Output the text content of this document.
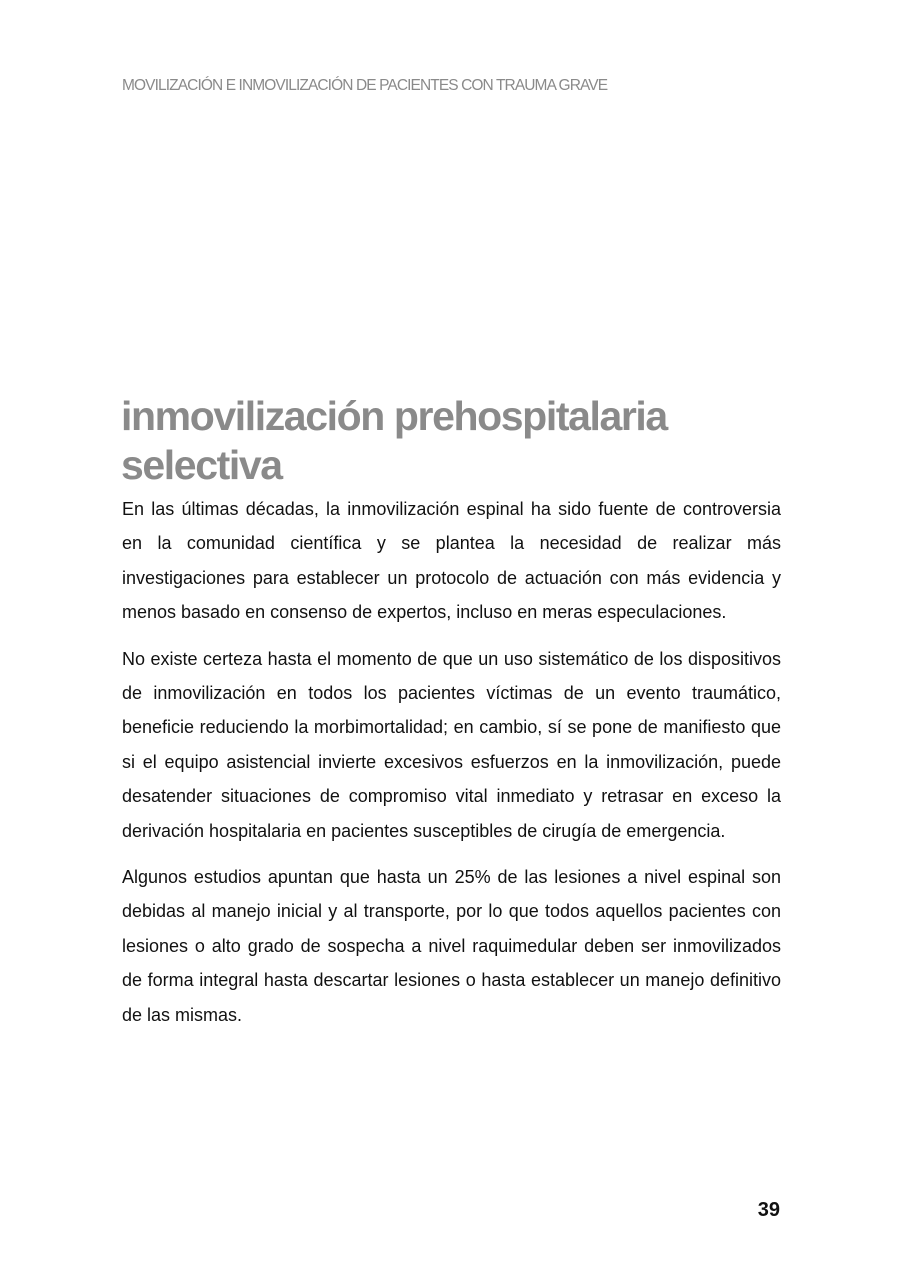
MOVILIZACIÓN E INMOVILIZACIÓN DE PACIENTES CON TRAUMA GRAVE
inmovilización prehospitalaria selectiva

En las últimas décadas, la inmovilización espinal ha sido fuente de controversia en la comunidad científica y se plantea la necesidad de realizar más investigaciones para establecer un protocolo de actuación con más evidencia y menos basado en consenso de expertos, incluso en meras especulaciones.

No existe certeza hasta el momento de que un uso sistemático de los dispositivos de inmovilización en todos los pacientes víctimas de un evento traumático, beneficie reduciendo la morbimortalidad; en cambio, sí se pone de manifiesto que si el equipo asistencial invierte excesivos esfuerzos en la inmovilización, puede desatender situaciones de compromiso vital inmediato y retrasar en exceso la derivación hospitalaria en pacientes susceptibles de cirugía de emergencia.

Algunos estudios apuntan que hasta un 25% de las lesiones a nivel espinal son debidas al manejo inicial y al transporte, por lo que todos aquellos pacientes con lesiones o alto grado de sospecha a nivel raquimedular deben ser inmovilizados de forma integral hasta descartar lesiones o hasta establecer un manejo definitivo de las mismas.

39
